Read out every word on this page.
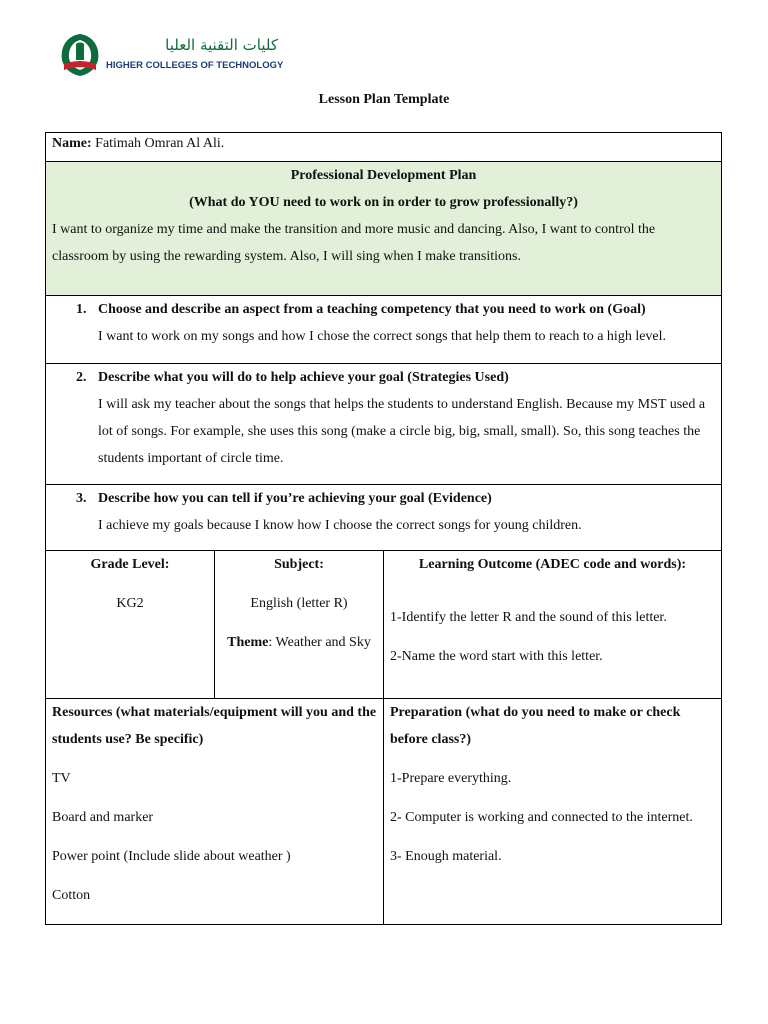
كليات التقنية العليا
HIGHER COLLEGES OF TECHNOLOGY
Lesson Plan Template
Name: Fatimah Omran Al Ali.
Professional Development Plan
(What do YOU need to work on in order to grow professionally?)
I want to organize my time and make the transition and more music and dancing. Also, I want to control the classroom by using the rewarding system. Also, I will sing when I make transitions.
1. Choose and describe an aspect from a teaching competency that you need to work on (Goal)
I want to work on my songs and how I chose the correct songs that help them to reach to a high level.
2. Describe what you will do to help achieve your goal (Strategies Used)
I will ask my teacher about the songs that helps the students to understand English. Because my MST used a lot of songs. For example, she uses this song (make a circle big, big, small, small). So, this song teaches the students important of circle time.
3. Describe how you can tell if you’re achieving your goal (Evidence)
I achieve my goals because I know how I choose the correct songs for young children.
Grade Level:
KG2
Subject:
English (letter R)
Theme: Weather and Sky
Learning Outcome (ADEC code and words):
1-Identify the letter R and the sound of this letter.
2-Name the word start with this letter.
Resources (what materials/equipment will you and the students use? Be specific)
TV
Board and marker
Power point (Include slide about weather )
Cotton
Preparation (what do you need to make or check before class?)
1-Prepare everything.
2- Computer is working and connected to the internet.
3- Enough material.
